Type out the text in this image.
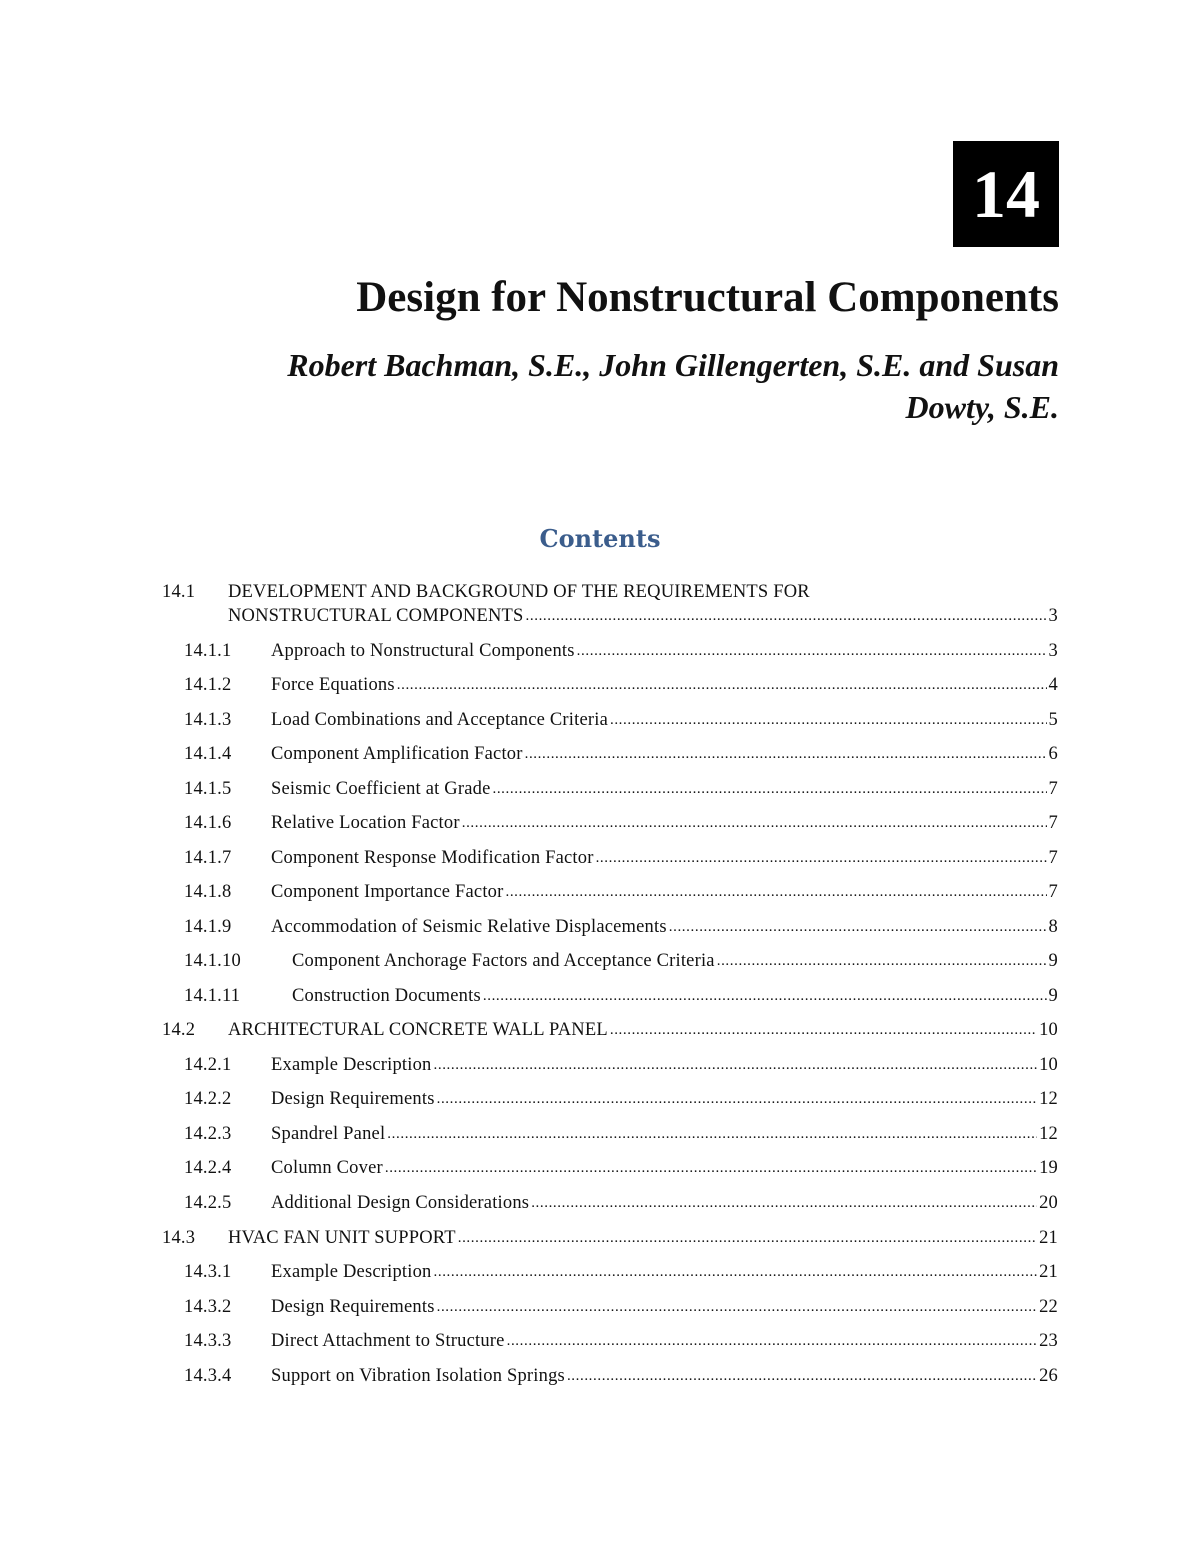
14
Design for Nonstructural Components
Robert Bachman, S.E., John Gillengerten, S.E. and Susan
Dowty, S.E.
Contents
14.1 DEVELOPMENT AND BACKGROUND OF THE REQUIREMENTS FOR
NONSTRUCTURAL COMPONENTS .....	3
14.1.1	Approach to Nonstructural Components .....	3
14.1.2	Force Equations .....	4
14.1.3	Load Combinations and Acceptance Criteria .....	5
14.1.4	Component Amplification Factor .....	6
14.1.5	Seismic Coefficient at Grade .....	7
14.1.6	Relative Location Factor .....	7
14.1.7	Component Response Modification Factor .....	7
14.1.8	Component Importance Factor .....	7
14.1.9	Accommodation of Seismic Relative Displacements .....	8
14.1.10	Component Anchorage Factors and Acceptance Criteria .....	9
14.1.11	Construction Documents .....	9
14.2	ARCHITECTURAL CONCRETE WALL PANEL .....	10
14.2.1	Example Description .....	10
14.2.2	Design Requirements .....	12
14.2.3	Spandrel Panel .....	12
14.2.4	Column Cover .....	19
14.2.5	Additional Design Considerations .....	20
14.3	HVAC FAN UNIT SUPPORT .....	21
14.3.1	Example Description .....	21
14.3.2	Design Requirements .....	22
14.3.3	Direct Attachment to Structure .....	23
14.3.4	Support on Vibration Isolation Springs .....	26
